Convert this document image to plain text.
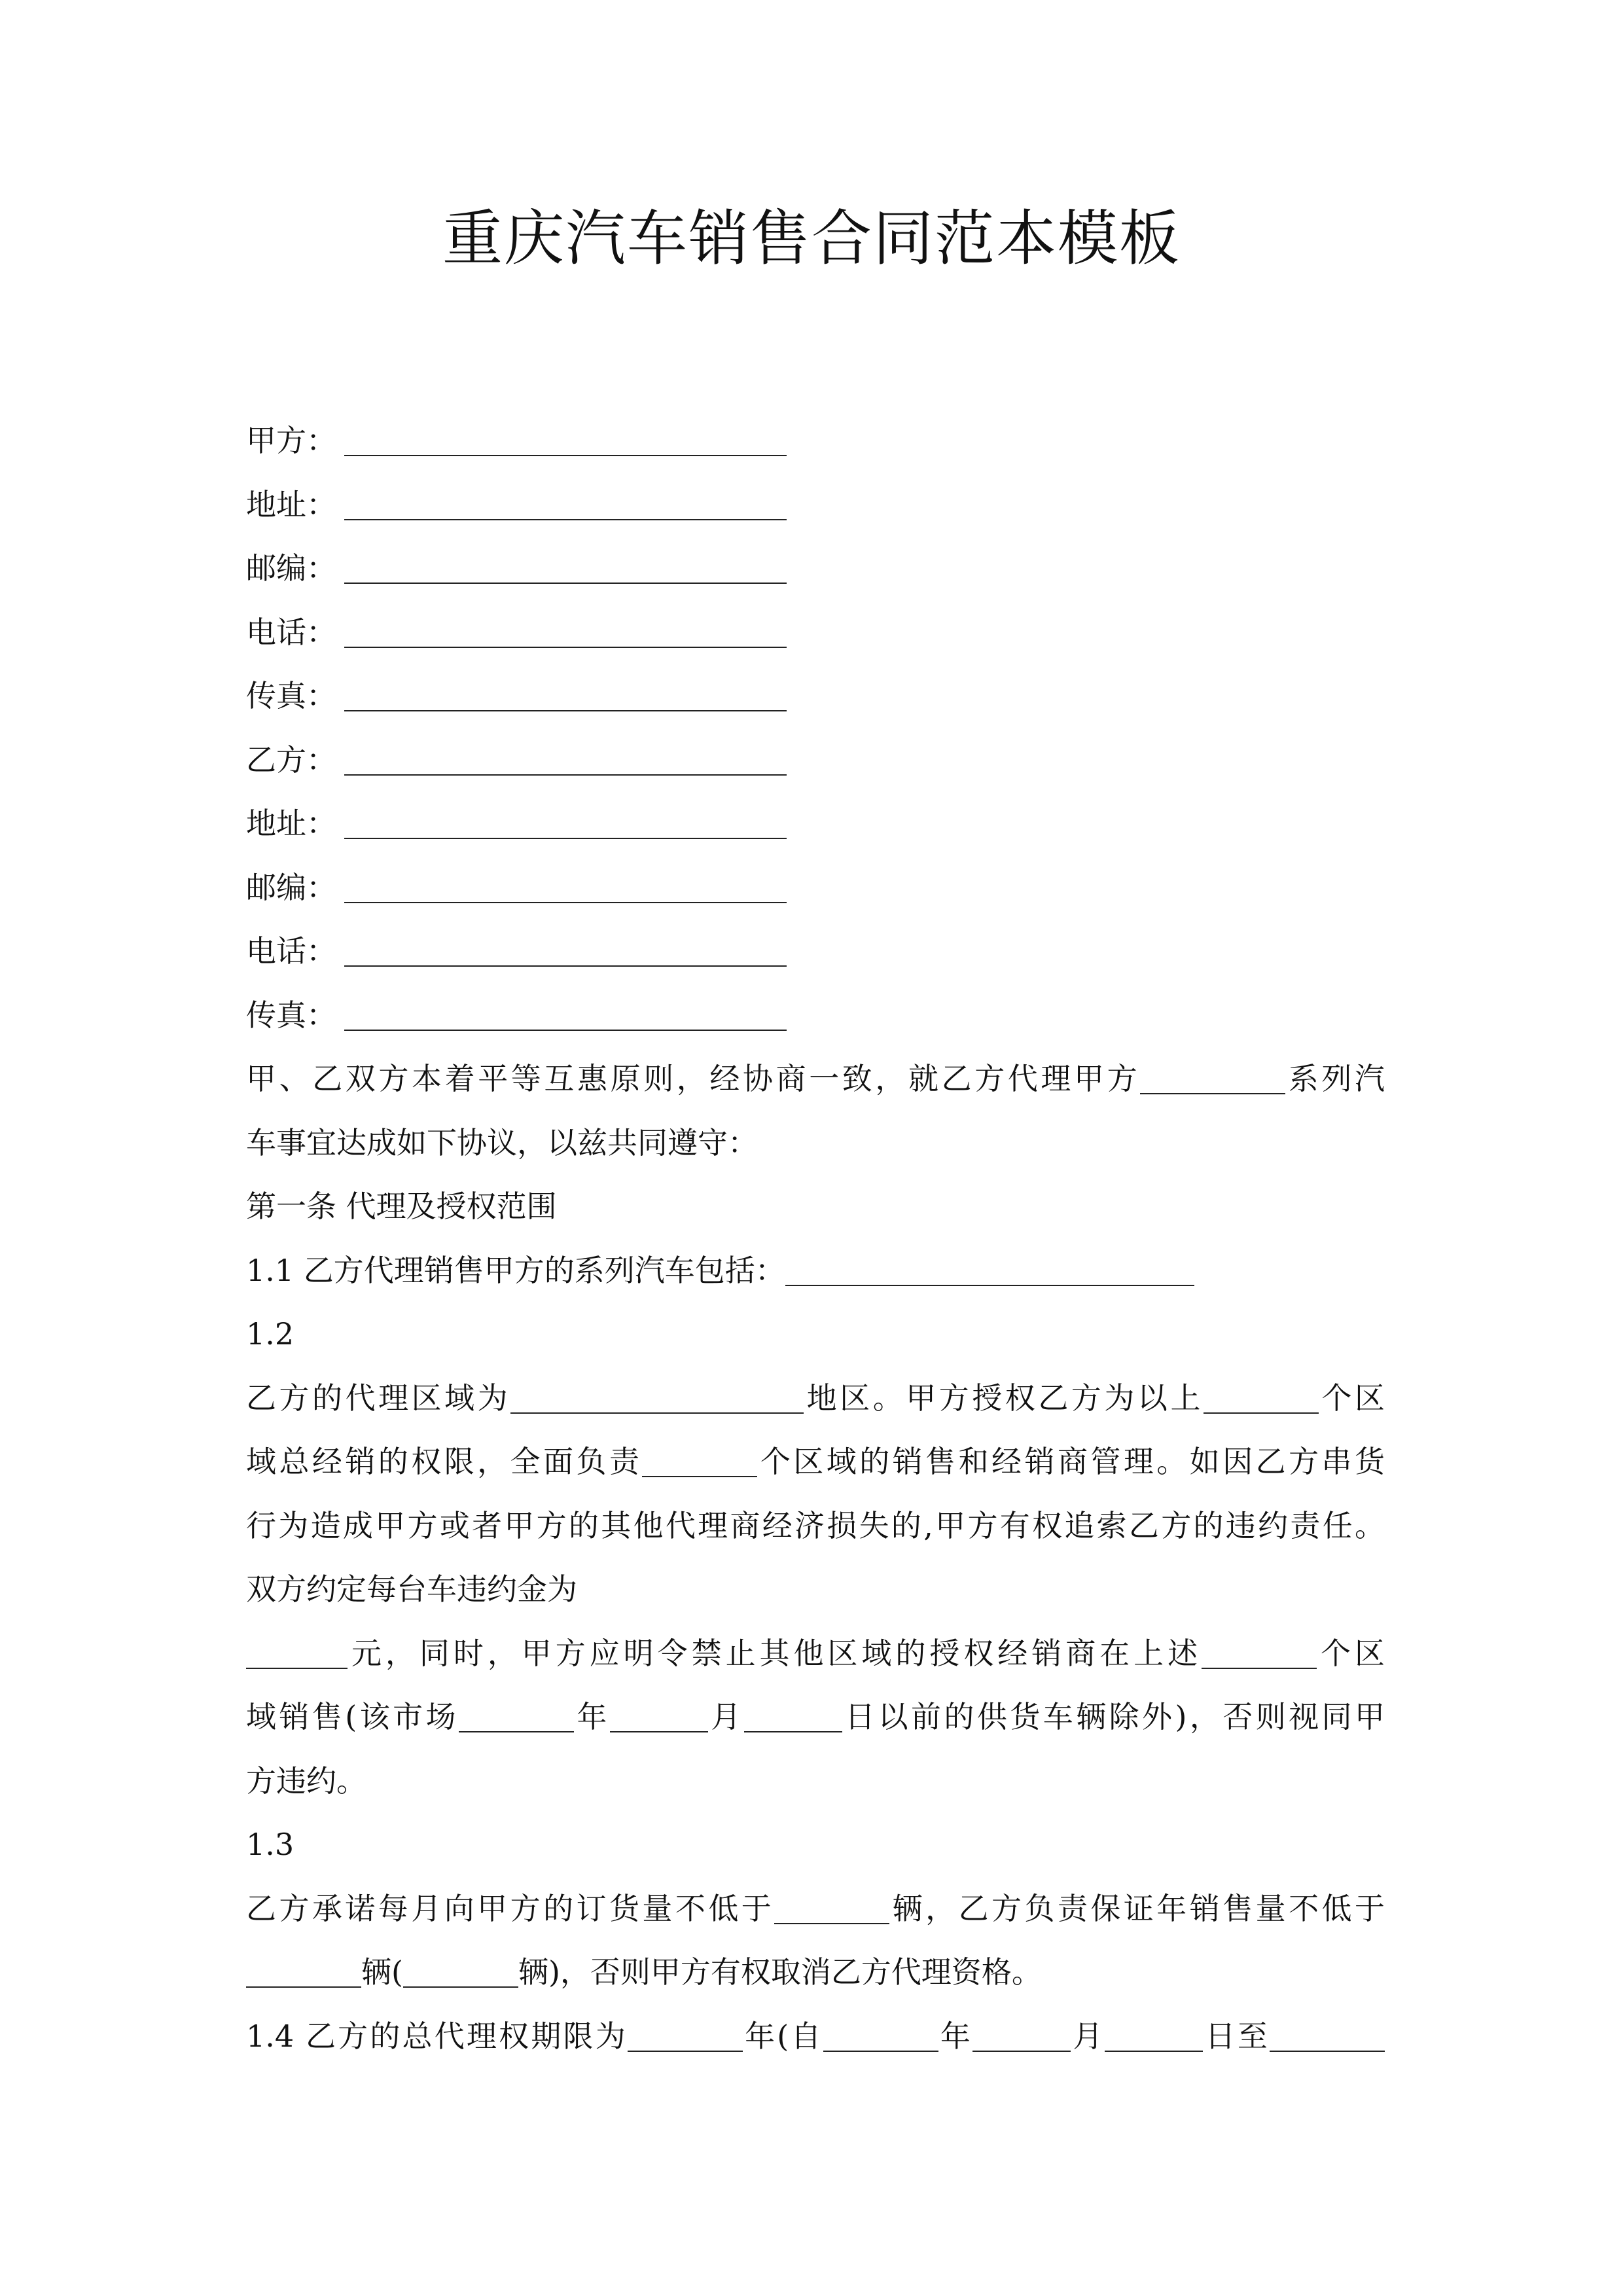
重庆汽车销售合同范本模板
甲方：
地址：
邮编：
电话：
传真：
乙方：
地址：
邮编：
电话：
传真：
甲、乙双方本着平等互惠原则，经协商一致，就乙方代理甲方	系列汽
车事宜达成如下协议，以兹共同遵守：
第一条 代理及授权范围
1.1 乙方代理销售甲方的系列汽车包括：
1.2
乙方的代理区域为	地区。甲方授权乙方为以上	个区
域总经销的权限，全面负责	个区域的销售和经销商管理。如因乙方串货
行为造成甲方或者甲方的其他代理商经济损失的,甲方有权追索乙方的违约责任。
双方约定每台车违约金为
元，同时，甲方应明令禁止其他区域的授权经销商在上述	个区
域销售(该市场	年	月	日以前的供货车辆除外)，否则视同甲
方违约。
1.3
乙方承诺每月向甲方的订货量不低于	辆，乙方负责保证年销售量不低于
辆(	辆)，否则甲方有权取消乙方代理资格。
1.4 乙方的总代理权期限为	年(自	年	月	日至
